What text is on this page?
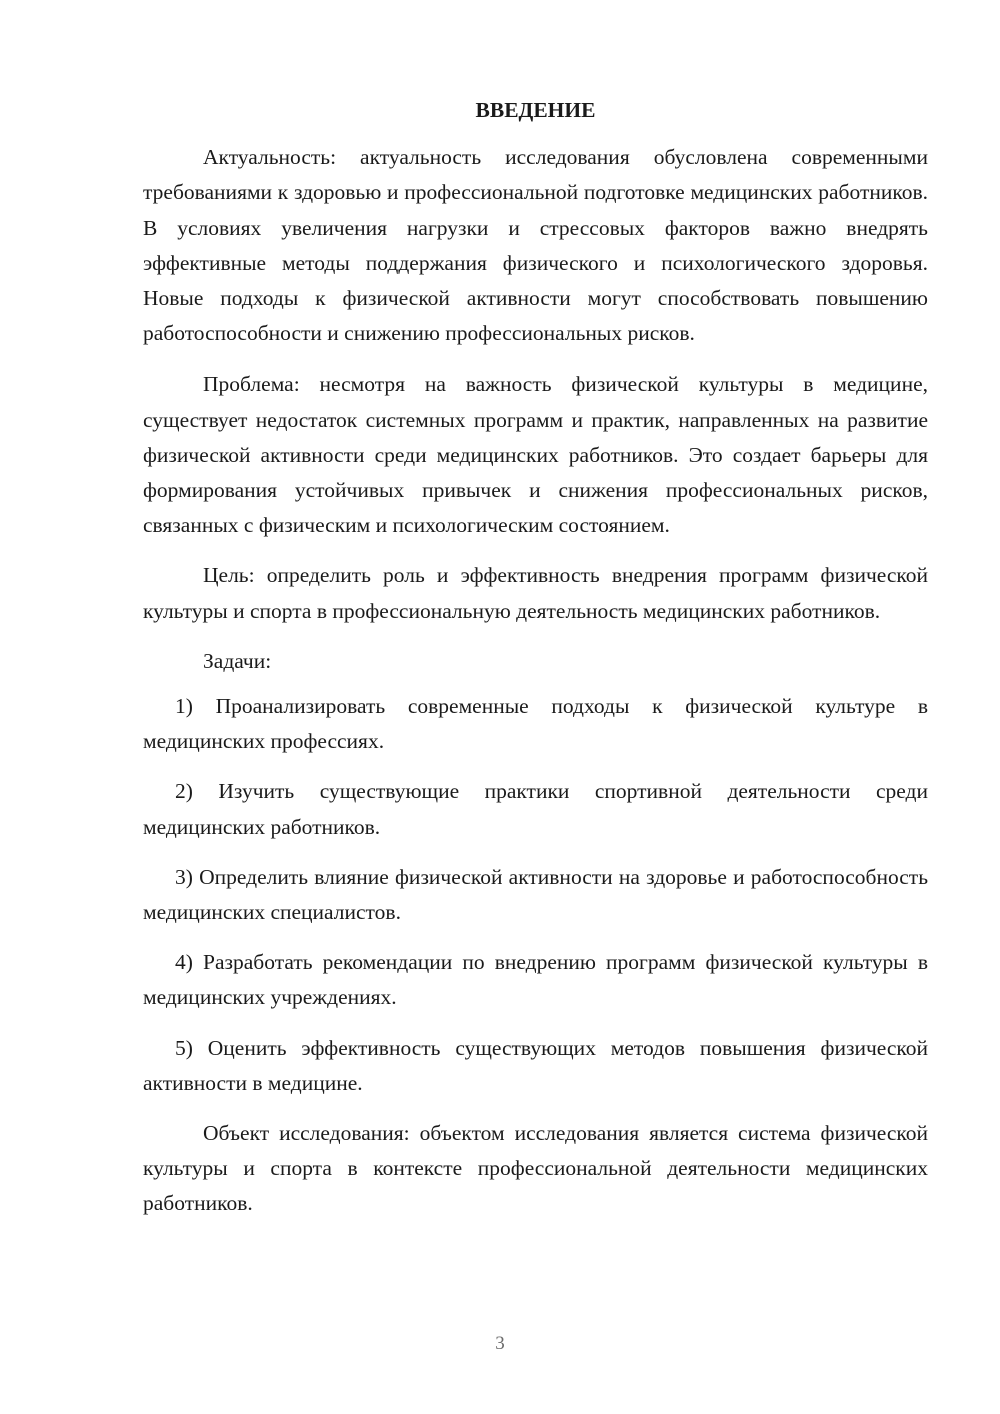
ВВЕДЕНИЕ

Актуальность: актуальность исследования обусловлена современными требованиями к здоровью и профессиональной подготовке медицинских работников. В условиях увеличения нагрузки и стрессовых факторов важно внедрять эффективные методы поддержания физического и психологического здоровья. Новые подходы к физической активности могут способствовать повышению работоспособности и снижению профессиональных рисков.

Проблема: несмотря на важность физической культуры в медицине, существует недостаток системных программ и практик, направленных на развитие физической активности среди медицинских работников. Это создает барьеры для формирования устойчивых привычек и снижения профессиональных рисков, связанных с физическим и психологическим состоянием.

Цель: определить роль и эффективность внедрения программ физической культуры и спорта в профессиональную деятельность медицинских работников.

Задачи:

1) Проанализировать современные подходы к физической культуре в медицинских профессиях.

2) Изучить существующие практики спортивной деятельности среди медицинских работников.

3) Определить влияние физической активности на здоровье и работоспособность медицинских специалистов.

4) Разработать рекомендации по внедрению программ физической культуры в медицинских учреждениях.

5) Оценить эффективность существующих методов повышения физической активности в медицине.

Объект исследования: объектом исследования является система физической культуры и спорта в контексте профессиональной деятельности медицинских работников.

3
